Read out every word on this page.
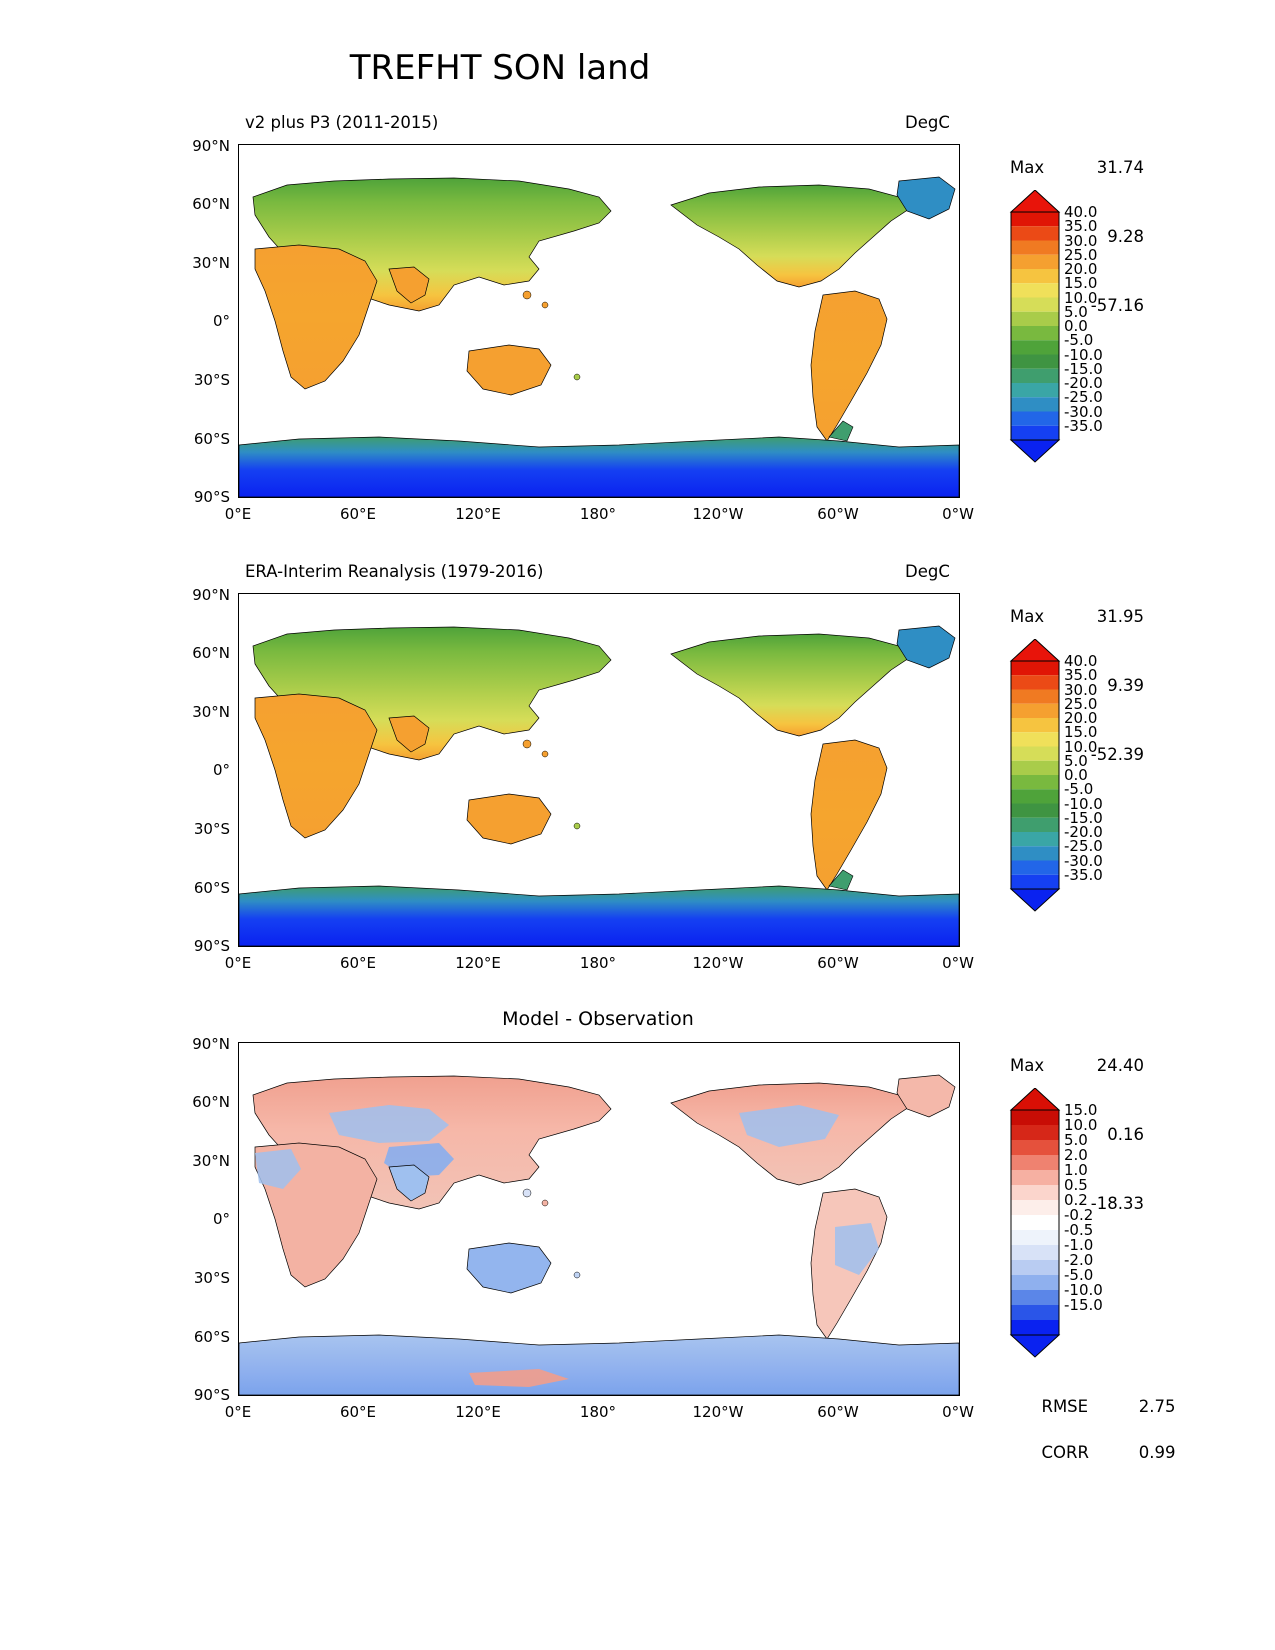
TREFHT SON land
v2 plus P3 (2011-2015)	DegC
90°N
60°N
30°N
0°
30°S
60°S
90°S
0°E	60°E	120°E	180°	120°W	60°W	0°W

Max	31.74

9.28

-57.16

40.0
35.0
30.0
25.0
20.0
15.0
10.0
5.0
0.0
-5.0
-10.0
-15.0
-20.0
-25.0
-30.0
-35.0
ERA-Interim Reanalysis (1979-2016)	DegC
90°N
60°N
30°N
0°
30°S
60°S
90°S
0°E	60°E	120°E	180°	120°W	60°W	0°W

Max	31.95

9.39

-52.39

40.0
35.0
30.0
25.0
20.0
15.0
10.0
5.0
0.0
-5.0
-10.0
-15.0
-20.0
-25.0
-30.0
-35.0
Model - Observation
90°N
60°N
30°N
0°
30°S
60°S
90°S
0°E	60°E	120°E	180°	120°W	60°W	0°W

Max	24.40

0.16

-18.33

15.0
10.0
5.0
2.0
1.0
0.5
0.2
-0.2
-0.5
-1.0
-2.0
-5.0
-10.0
-15.0

RMSE	2.75

CORR	0.99
